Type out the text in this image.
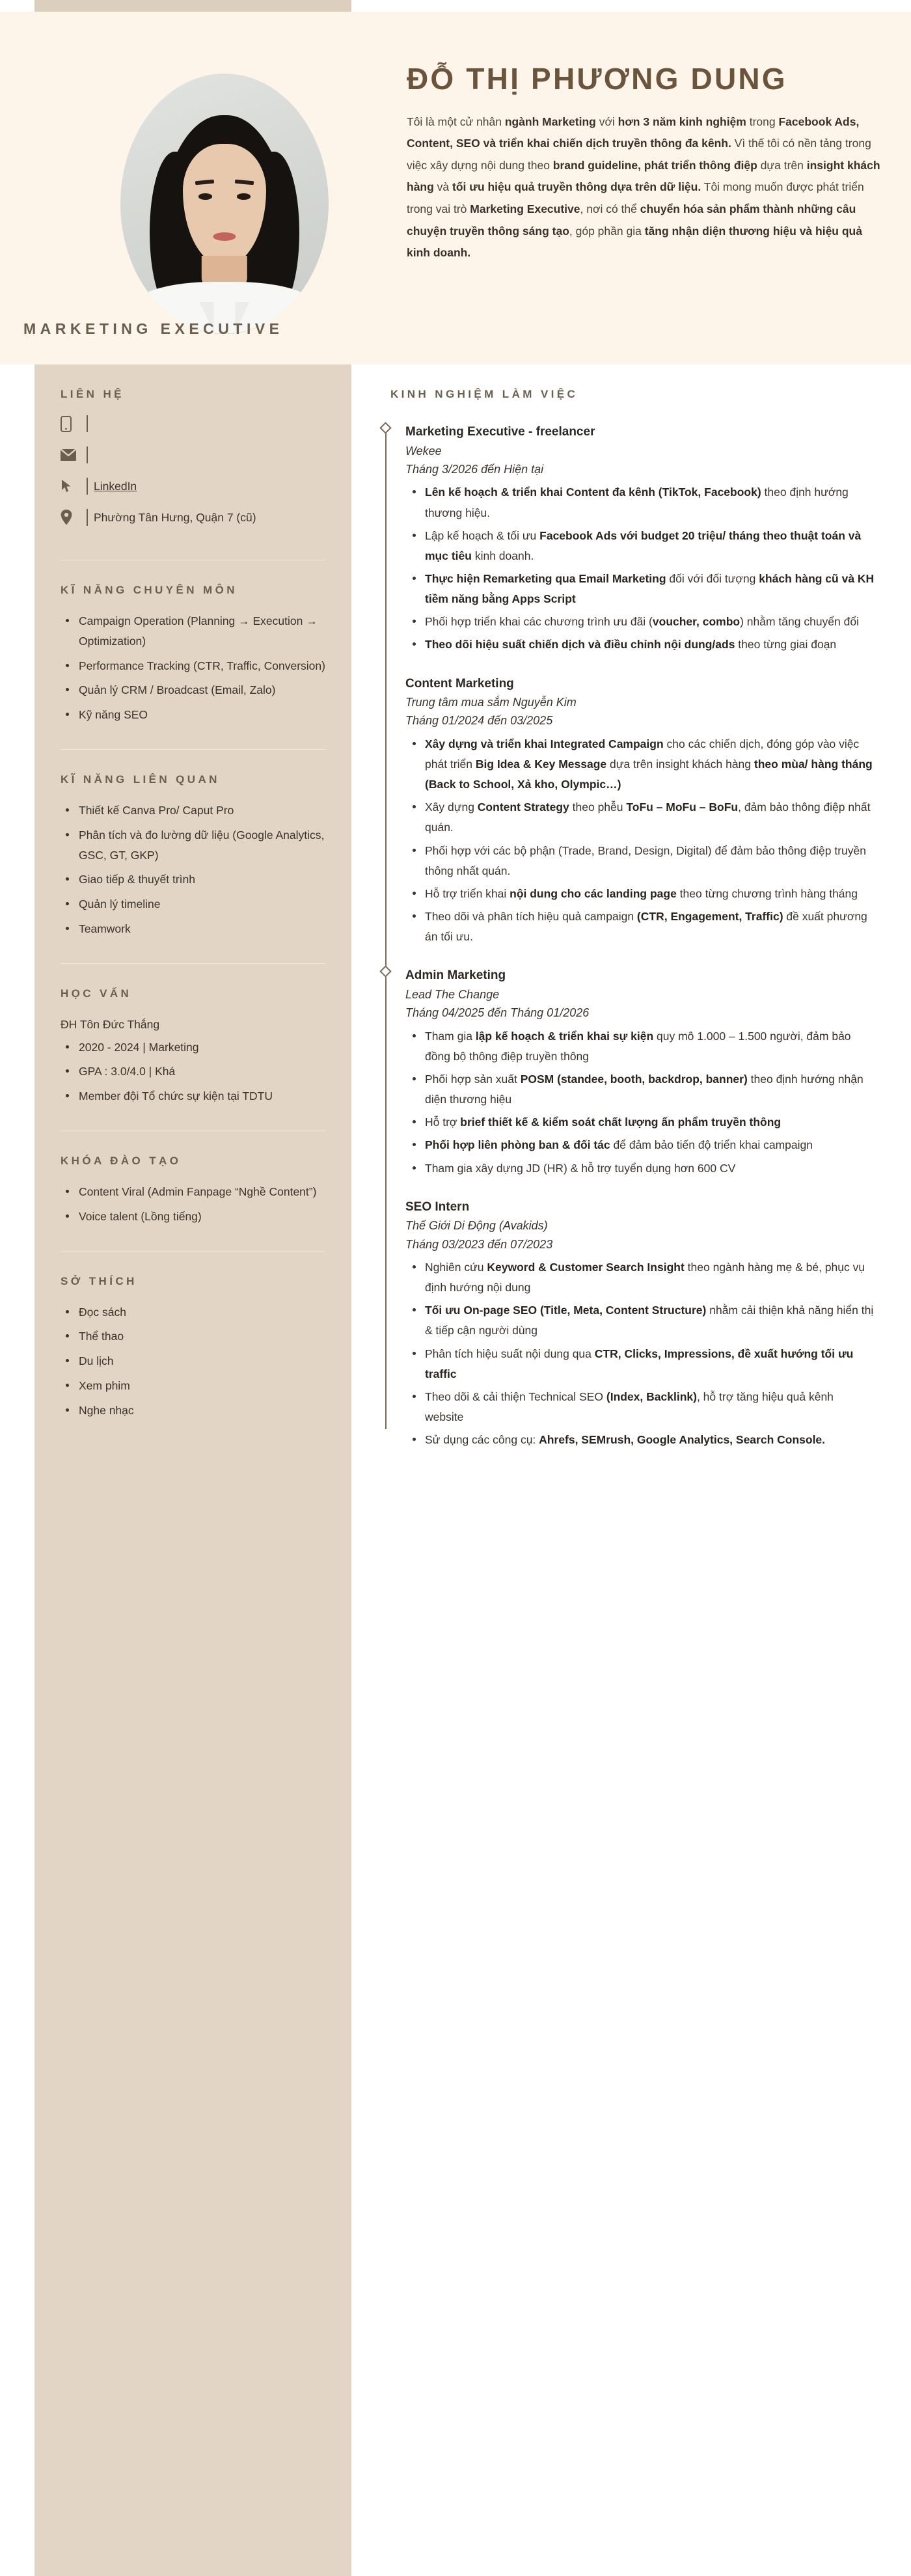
MARKETING EXECUTIVE
ĐỖ THỊ PHƯƠNG DUNG
Tôi là một cử nhân ngành Marketing với hơn 3 năm kinh nghiệm trong Facebook Ads, Content, SEO và triển khai chiến dịch truyền thông đa kênh. Vì thế tôi có nền tảng trong việc xây dựng nội dung theo brand guideline, phát triển thông điệp dựa trên insight khách hàng và tối ưu hiệu quả truyền thông dựa trên dữ liệu. Tôi mong muốn được phát triển trong vai trò Marketing Executive, nơi có thể chuyển hóa sản phẩm thành những câu chuyện truyền thông sáng tạo, góp phần gia tăng nhận diện thương hiệu và hiệu quả kinh doanh.
LIÊN HỆ
LinkedIn
Phường Tân Hưng, Quận 7 (cũ)
KĨ NĂNG CHUYÊN MÔN
Campaign Operation (Planning → Execution → Optimization)
Performance Tracking (CTR, Traffic, Conversion)
Quản lý CRM / Broadcast (Email, Zalo)
Kỹ năng SEO
KĨ NĂNG LIÊN QUAN
Thiết kế Canva Pro/ Caput Pro
Phân tích và đo lường dữ liệu (Google Analytics, GSC, GT, GKP)
Giao tiếp & thuyết trình
Quản lý timeline
Teamwork
HỌC VẤN
ĐH Tôn Đức Thắng
2020 - 2024 | Marketing
GPA : 3.0/4.0 | Khá
Member đội Tổ chức sự kiện tại TDTU
KHÓA ĐÀO TẠO
Content Viral (Admin Fanpage “Nghề Content”)
Voice talent (Lồng tiếng)
SỞ THÍCH
Đọc sách
Thể thao
Du lịch
Xem phim
Nghe nhạc
KINH NGHIỆM LÀM VIỆC
Marketing Executive - freelancer
Wekee
Tháng 3/2026 đến Hiện tại
Lên kế hoạch & triển khai Content đa kênh (TikTok, Facebook) theo định hướng thương hiệu.
Lập kế hoạch & tối ưu Facebook Ads với budget 20 triệu/ tháng theo thuật toán và mục tiêu kinh doanh.
Thực hiện Remarketing qua Email Marketing đối với đối tượng khách hàng cũ và KH tiềm năng bằng Apps Script
Phối hợp triển khai các chương trình ưu đãi (voucher, combo) nhằm tăng chuyển đổi
Theo dõi hiệu suất chiến dịch và điều chỉnh nội dung/ads theo từng giai đoạn
Content Marketing
Trung tâm mua sắm Nguyễn Kim
Tháng 01/2024 đến 03/2025
Xây dựng và triển khai Integrated Campaign cho các chiến dịch, đóng góp vào việc phát triển Big Idea & Key Message dựa trên insight khách hàng theo mùa/ hàng tháng (Back to School, Xả kho, Olympic…)
Xây dựng Content Strategy theo phễu ToFu – MoFu – BoFu, đảm bảo thông điệp nhất quán.
Phối hợp với các bộ phận (Trade, Brand, Design, Digital) để đảm bảo thông điệp truyền thông nhất quán.
Hỗ trợ triển khai nội dung cho các landing page theo từng chương trình hàng tháng
Theo dõi và phân tích hiệu quả campaign (CTR, Engagement, Traffic) đề xuất phương án tối ưu.
Admin Marketing
Lead The Change
Tháng 04/2025 đến Tháng 01/2026
Tham gia lập kế hoạch & triển khai sự kiện quy mô 1.000 – 1.500 người, đảm bảo đồng bộ thông điệp truyền thông
Phối hợp sản xuất POSM (standee, booth, backdrop, banner) theo định hướng nhận diện thương hiệu
Hỗ trợ brief thiết kế & kiểm soát chất lượng ấn phẩm truyền thông
Phối hợp liên phòng ban & đối tác để đảm bảo tiến độ triển khai campaign
Tham gia xây dựng JD (HR) & hỗ trợ tuyển dụng hơn 600 CV
SEO Intern
Thế Giới Di Động (Avakids)
Tháng 03/2023 đến 07/2023
Nghiên cứu Keyword & Customer Search Insight theo ngành hàng mẹ & bé, phục vụ định hướng nội dung
Tối ưu On-page SEO (Title, Meta, Content Structure) nhằm cải thiện khả năng hiển thị & tiếp cận người dùng
Phân tích hiệu suất nội dung qua CTR, Clicks, Impressions, đề xuất hướng tối ưu traffic
Theo dõi & cải thiện Technical SEO (Index, Backlink), hỗ trợ tăng hiệu quả kênh website
Sử dụng các công cụ: Ahrefs, SEMrush, Google Analytics, Search Console.
